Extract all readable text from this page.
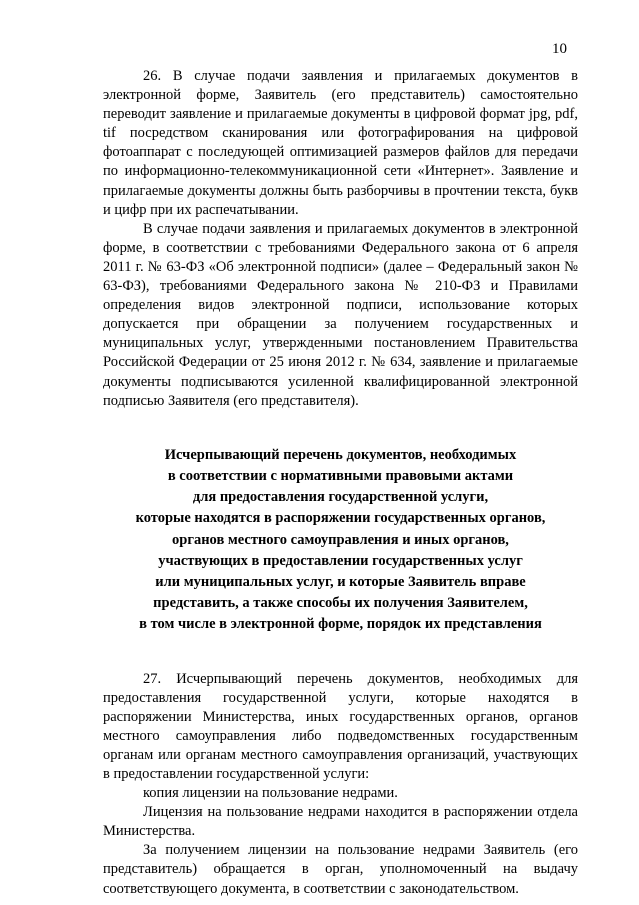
10

26. В случае подачи заявления и прилагаемых документов в электронной форме, Заявитель (его представитель) самостоятельно переводит заявление и прилагаемые документы в цифровой формат jpg, pdf, tif посредством сканирования или фотографирования на цифровой фотоаппарат с последующей оптимизацией размеров файлов для передачи по информационно-телекоммуникационной сети «Интернет». Заявление и прилагаемые документы должны быть разборчивы в прочтении текста, букв и цифр при их распечатывании.

В случае подачи заявления и прилагаемых документов в электронной форме, в соответствии с требованиями Федерального закона от 6 апреля 2011 г. № 63-ФЗ «Об электронной подписи» (далее – Федеральный закон № 63-ФЗ), требованиями Федерального закона № 210-ФЗ и Правилами определения видов электронной подписи, использование которых допускается при обращении за получением государственных и муниципальных услуг, утвержденными постановлением Правительства Российской Федерации от 25 июня 2012 г. № 634, заявление и прилагаемые документы подписываются усиленной квалифицированной электронной подписью Заявителя (его представителя).

Исчерпывающий перечень документов, необходимых
в соответствии с нормативными правовыми актами
для предоставления государственной услуги,
которые находятся в распоряжении государственных органов,
органов местного самоуправления и иных органов,
участвующих в предоставлении государственных услуг
или муниципальных услуг, и которые Заявитель вправе
представить, а также способы их получения Заявителем,
в том числе в электронной форме, порядок их представления

27. Исчерпывающий перечень документов, необходимых для предоставления государственной услуги, которые находятся в распоряжении Министерства, иных государственных органов, органов местного самоуправления либо подведомственных государственным органам или органам местного самоуправления организаций, участвующих в предоставлении государственной услуги:

копия лицензии на пользование недрами.

Лицензия на пользование недрами находится в распоряжении отдела Министерства.

За получением лицензии на пользование недрами Заявитель (его представитель) обращается в орган, уполномоченный на выдачу соответствующего документа, в соответствии с законодательством.
